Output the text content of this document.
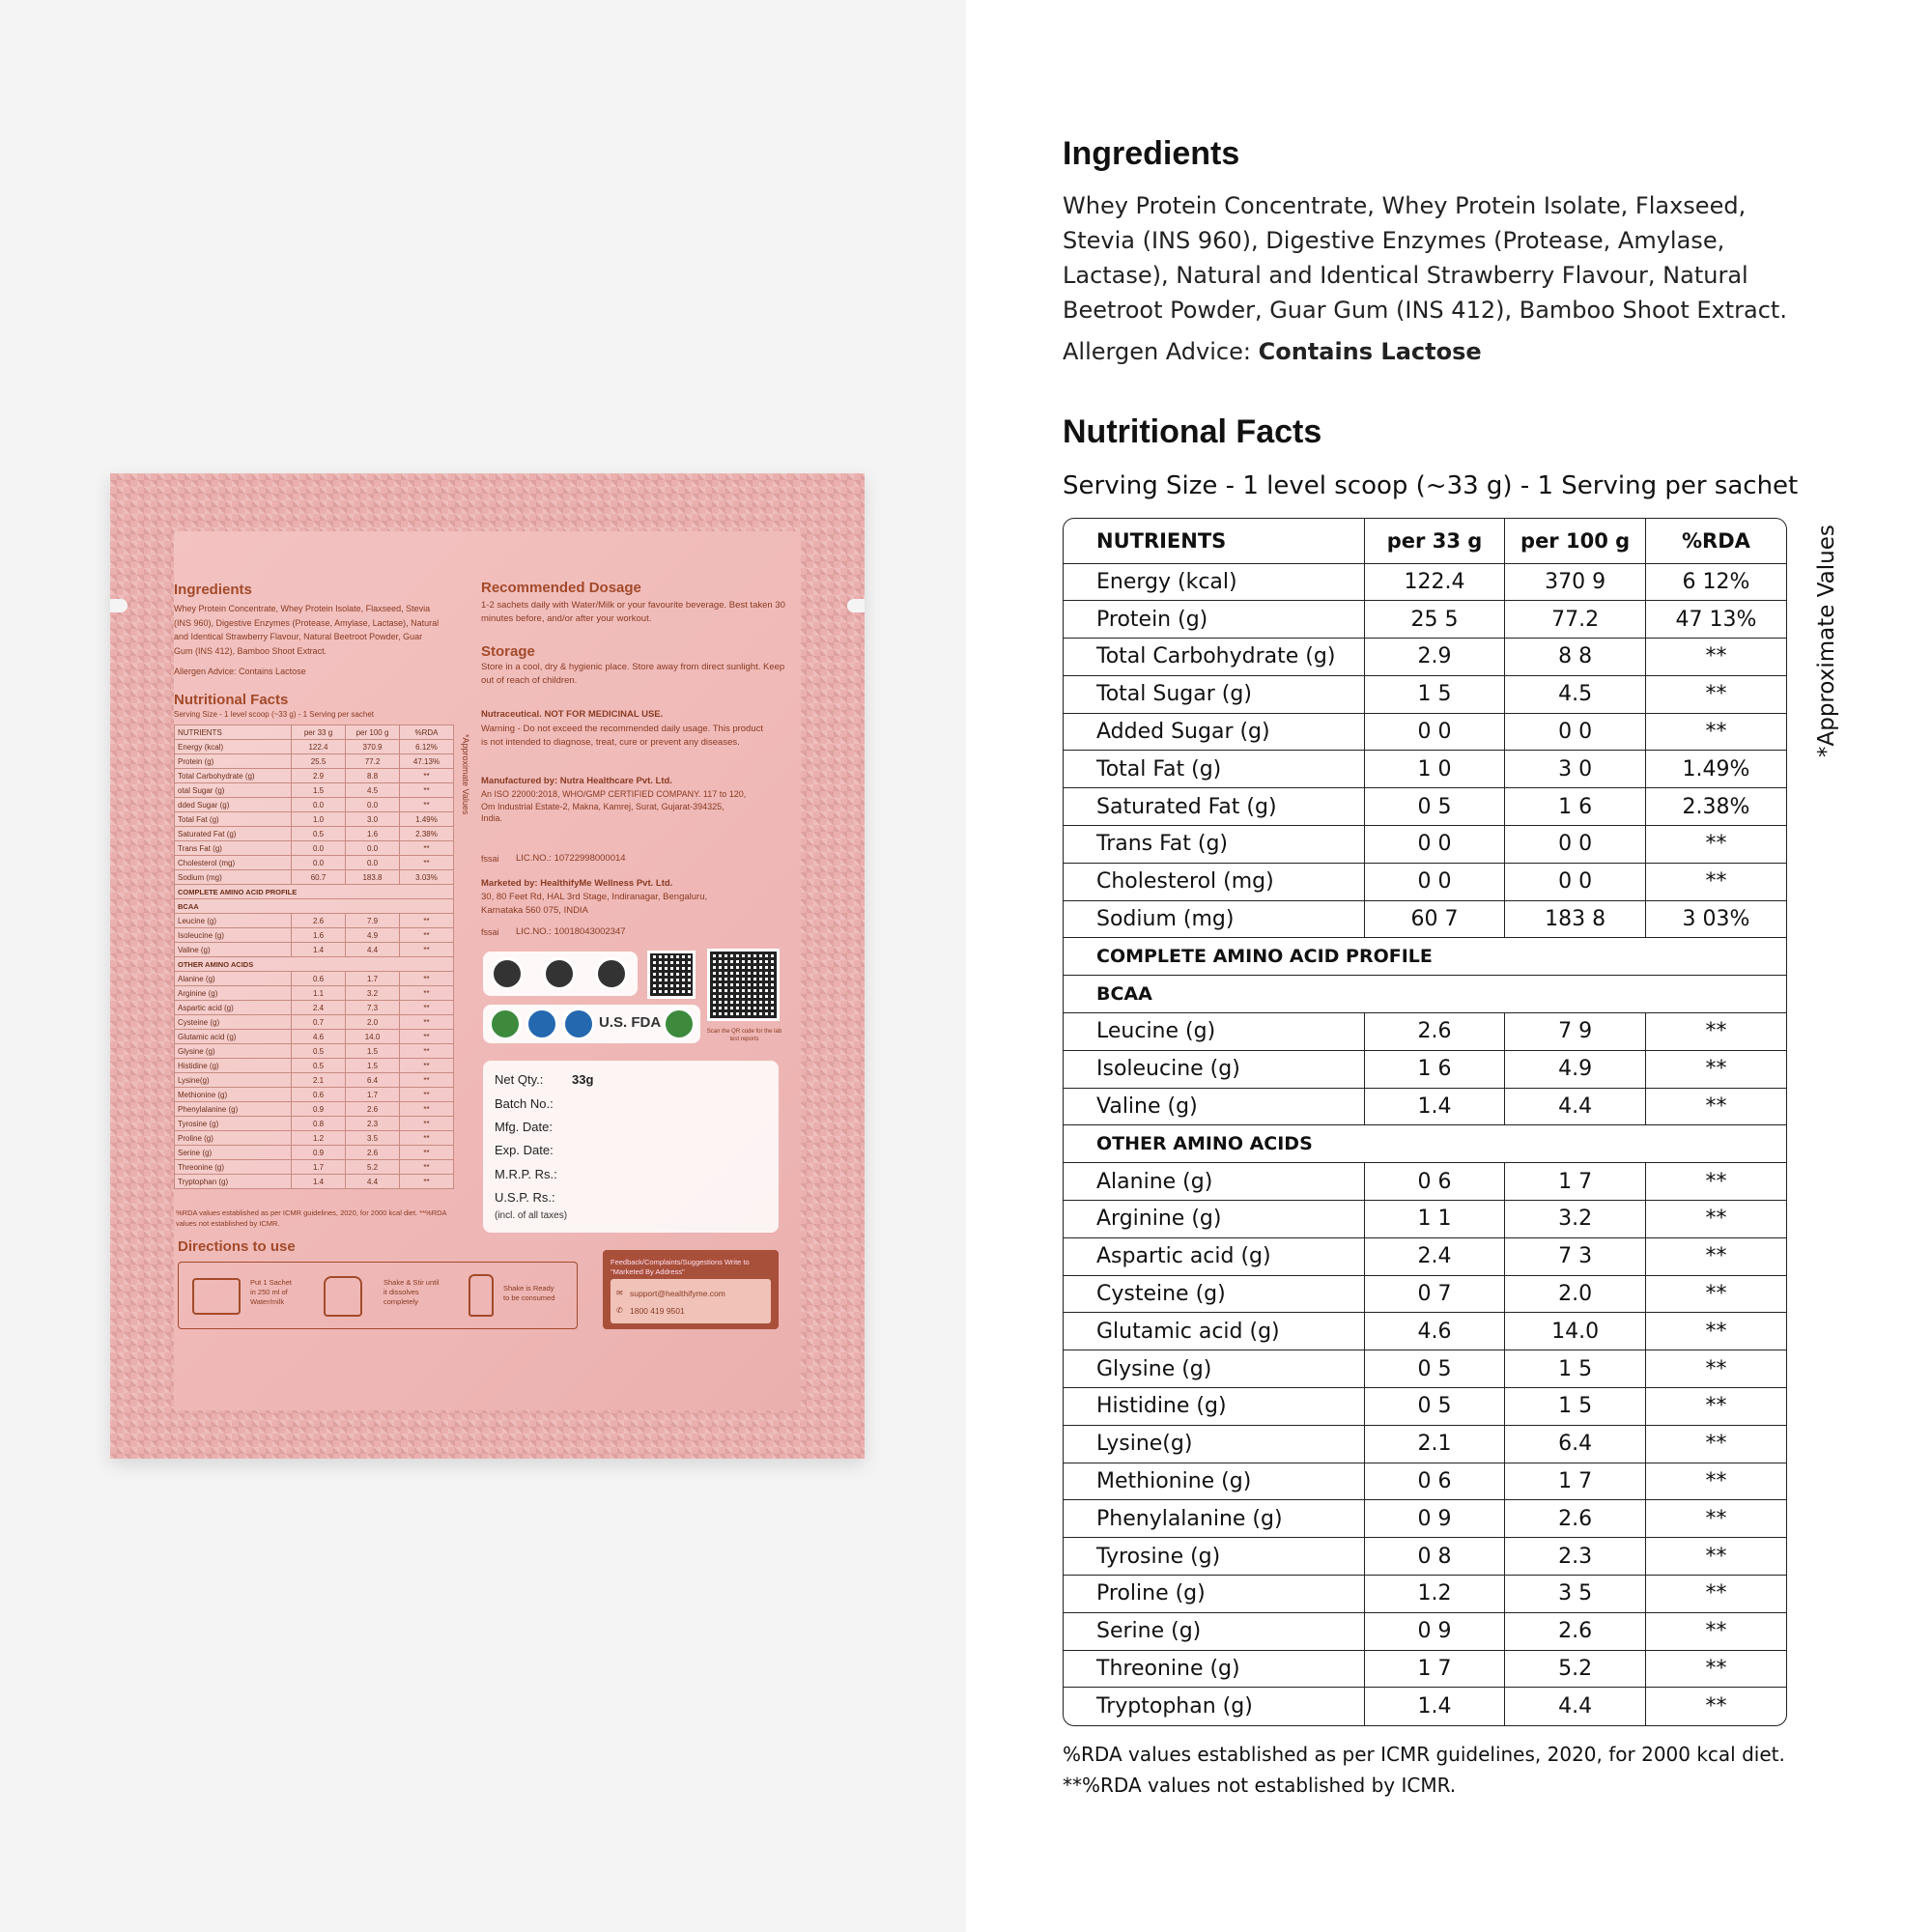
Ingredients
Whey Protein Concentrate, Whey Protein Isolate, Flaxseed, Stevia (INS 960), Digestive Enzymes (Protease, Amylase, Lactase), Natural and Identical Strawberry Flavour, Natural Beetroot Powder, Guar Gum (INS 412), Bamboo Shoot Extract.
Allergen Advice: Contains Lactose
Nutritional Facts
Serving Size - 1 level scoop (~33 g) - 1 Serving per sachet
NUTRIENTS	per 33 g	per 100 g	%RDA
Energy (kcal)	122.4	370.9	6.12%
Protein (g)	25.5	77.2	47.13%
Total Carbohydrate (g)	2.9	8.8	**
otal Sugar (g)	1.5	4.5	**
dded Sugar (g)	0.0	0.0	**
Total Fat (g)	1.0	3.0	1.49%
Saturated Fat (g)	0.5	1.6	2.38%
Trans Fat (g)	0.0	0.0	**
Cholesterol (mg)	0.0	0.0	**
Sodium (mg)	60.7	183.8	3.03%
COMPLETE AMINO ACID PROFILE			
BCAA			
Leucine (g)	2.6	7.9	**
Isoleucine (g)	1.6	4.9	**
Valine (g)	1.4	4.4	**
OTHER AMINO ACIDS			
Alanine (g)	0.6	1.7	**
Arginine (g)	1.1	3.2	**
Aspartic acid (g)	2.4	7.3	**
Cysteine (g)	0.7	2.0	**
Glutamic acid (g)	4.6	14.0	**
Glysine (g)	0.5	1.5	**
Histidine (g)	0.5	1.5	**
Lysine(g)	2.1	6.4	**
Methionine (g)	0.6	1.7	**
Phenylalanine (g)	0.9	2.6	**
Tyrosine (g)	0.8	2.3	**
Proline (g)	1.2	3.5	**
Serine (g)	0.9	2.6	**
Threonine (g)	1.7	5.2	**
Tryptophan (g)	1.4	4.4	**
%RDA values established as per ICMR guidelines, 2020, for 2000 kcal diet. **%RDA values not established by ICMR.
*Approximate Values
Recommended Dosage
1-2 sachets daily with Water/Milk or your favourite beverage. Best taken 30 minutes before, and/or after your workout.
Storage
Store in a cool, dry & hygienic place. Store away from direct sunlight. Keep out of reach of children.
Nutraceutical. NOT FOR MEDICINAL USE.
Warning - Do not exceed the recommended daily usage. This product is not intended to diagnose, treat, cure or prevent any diseases.
Manufactured by: Nutra Healthcare Pvt. Ltd.
An ISO 22000:2018, WHO/GMP CERTIFIED COMPANY. 117 to 120, Om Industrial Estate-2, Makna, Kamrej, Surat, Gujarat-394325, India.
fssai LIC.NO.: 10722998000014
Marketed by: HealthifyMe Wellness Pvt. Ltd.
30, 80 Feet Rd, HAL 3rd Stage, Indiranagar, Bengaluru, Karnataka 560 075, INDIA
fssai LIC.NO.: 10018043002347
Scan the QR code for the lab test reports
U.S. FDA
Net Qty.: 33g
Batch No.:
Mfg. Date:
Exp. Date:
M.R.P. Rs.:
U.S.P. Rs.:
(incl. of all taxes)
Directions to use
Put 1 Sachet in 250 ml of Water/milk
Shake & Stir until it dissolves completely
Shake is Ready to be consumed
Feedback/Complaints/Suggestions Write to "Marketed By Address"
✉ support@healthifyme.com
✆ 1800 419 9501
Ingredients
Whey Protein Concentrate, Whey Protein Isolate, Flaxseed, Stevia (INS 960), Digestive Enzymes (Protease, Amylase, Lactase), Natural and Identical Strawberry Flavour, Natural Beetroot Powder, Guar Gum (INS 412), Bamboo Shoot Extract.
Allergen Advice: Contains Lactose
Nutritional Facts
Serving Size - 1 level scoop (~33 g) - 1 Serving per sachet
NUTRIENTS	per 33 g	per 100 g	%RDA
Energy (kcal)	122.4	370 9	6 12%
Protein (g)	25 5	77.2	47 13%
Total Carbohydrate (g)	2.9	8 8	**
Total Sugar (g)	1 5	4.5	**
Added Sugar (g)	0 0	0 0	**
Total Fat (g)	1 0	3 0	1.49%
Saturated Fat (g)	0 5	1 6	2.38%
Trans Fat (g)	0 0	0 0	**
Cholesterol (mg)	0 0	0 0	**
Sodium (mg)	60 7	183 8	3 03%
COMPLETE AMINO ACID PROFILE			
BCAA			
Leucine (g)	2.6	7 9	**
Isoleucine (g)	1 6	4.9	**
Valine (g)	1.4	4.4	**
OTHER AMINO ACIDS			
Alanine (g)	0 6	1 7	**
Arginine (g)	1 1	3.2	**
Aspartic acid (g)	2.4	7 3	**
Cysteine (g)	0 7	2.0	**
Glutamic acid (g)	4.6	14.0	**
Glysine (g)	0 5	1 5	**
Histidine (g)	0 5	1 5	**
Lysine(g)	2.1	6.4	**
Methionine (g)	0 6	1 7	**
Phenylalanine (g)	0 9	2.6	**
Tyrosine (g)	0 8	2.3	**
Proline (g)	1.2	3 5	**
Serine (g)	0 9	2.6	**
Threonine (g)	1 7	5.2	**
Tryptophan (g)	1.4	4.4	**
*Approximate Values
%RDA values established as per ICMR guidelines, 2020, for 2000 kcal diet.
**%RDA values not established by ICMR.
